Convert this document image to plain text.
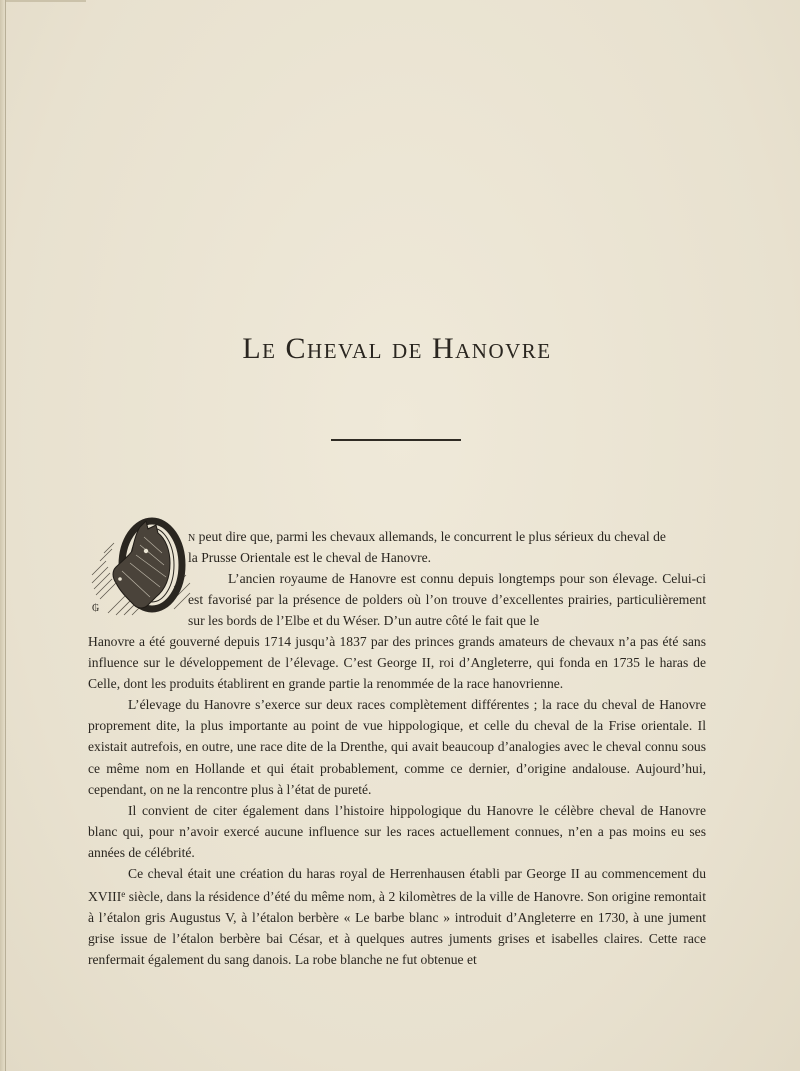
Le Cheval de Hanovre
₲

n peut dire que, parmi les chevaux allemands, le concurrent le plus sérieux du cheval de

la Prusse Orientale est le cheval de Hanovre.

L’ancien royaume de Hanovre est connu depuis longtemps pour son élevage. Celui-ci est favorisé par la présence de polders où l’on trouve d’excellentes prairies, particulièrement sur les bords de l’Elbe et du Wéser. D’un autre côté le fait que le

Hanovre a été gouverné depuis 1714 jusqu’à 1837 par des princes grands amateurs de chevaux n’a pas été sans influence sur le développement de l’élevage. C’est George II, roi d’Angleterre, qui fonda en 1735 le haras de Celle, dont les produits établirent en grande partie la renommée de la race hanovrienne.

L’élevage du Hanovre s’exerce sur deux races complètement différentes ; la race du cheval de Hanovre proprement dite, la plus importante au point de vue hippologique, et celle du cheval de la Frise orientale. Il existait autrefois, en outre, une race dite de la Drenthe, qui avait beaucoup d’analogies avec le cheval connu sous ce même nom en Hollande et qui était probablement, comme ce dernier, d’origine andalouse. Aujourd’hui, cependant, on ne la rencontre plus à l’état de pureté.

Il convient de citer également dans l’histoire hippologique du Hanovre le célèbre cheval de Hanovre blanc qui, pour n’avoir exercé aucune influence sur les races actuellement connues, n’en a pas moins eu ses années de célébrité.

Ce cheval était une création du haras royal de Herrenhausen établi par George II au commencement du XVIIIe siècle, dans la résidence d’été du même nom, à 2 kilomètres de la ville de Hanovre. Son origine remontait à l’étalon gris Augustus V, à l’étalon berbère « Le barbe blanc » introduit d’Angleterre en 1730, à une jument grise issue de l’étalon berbère bai César, et à quelques autres juments grises et isabelles claires. Cette race renfermait également du sang danois. La robe blanche ne fut obtenue et
